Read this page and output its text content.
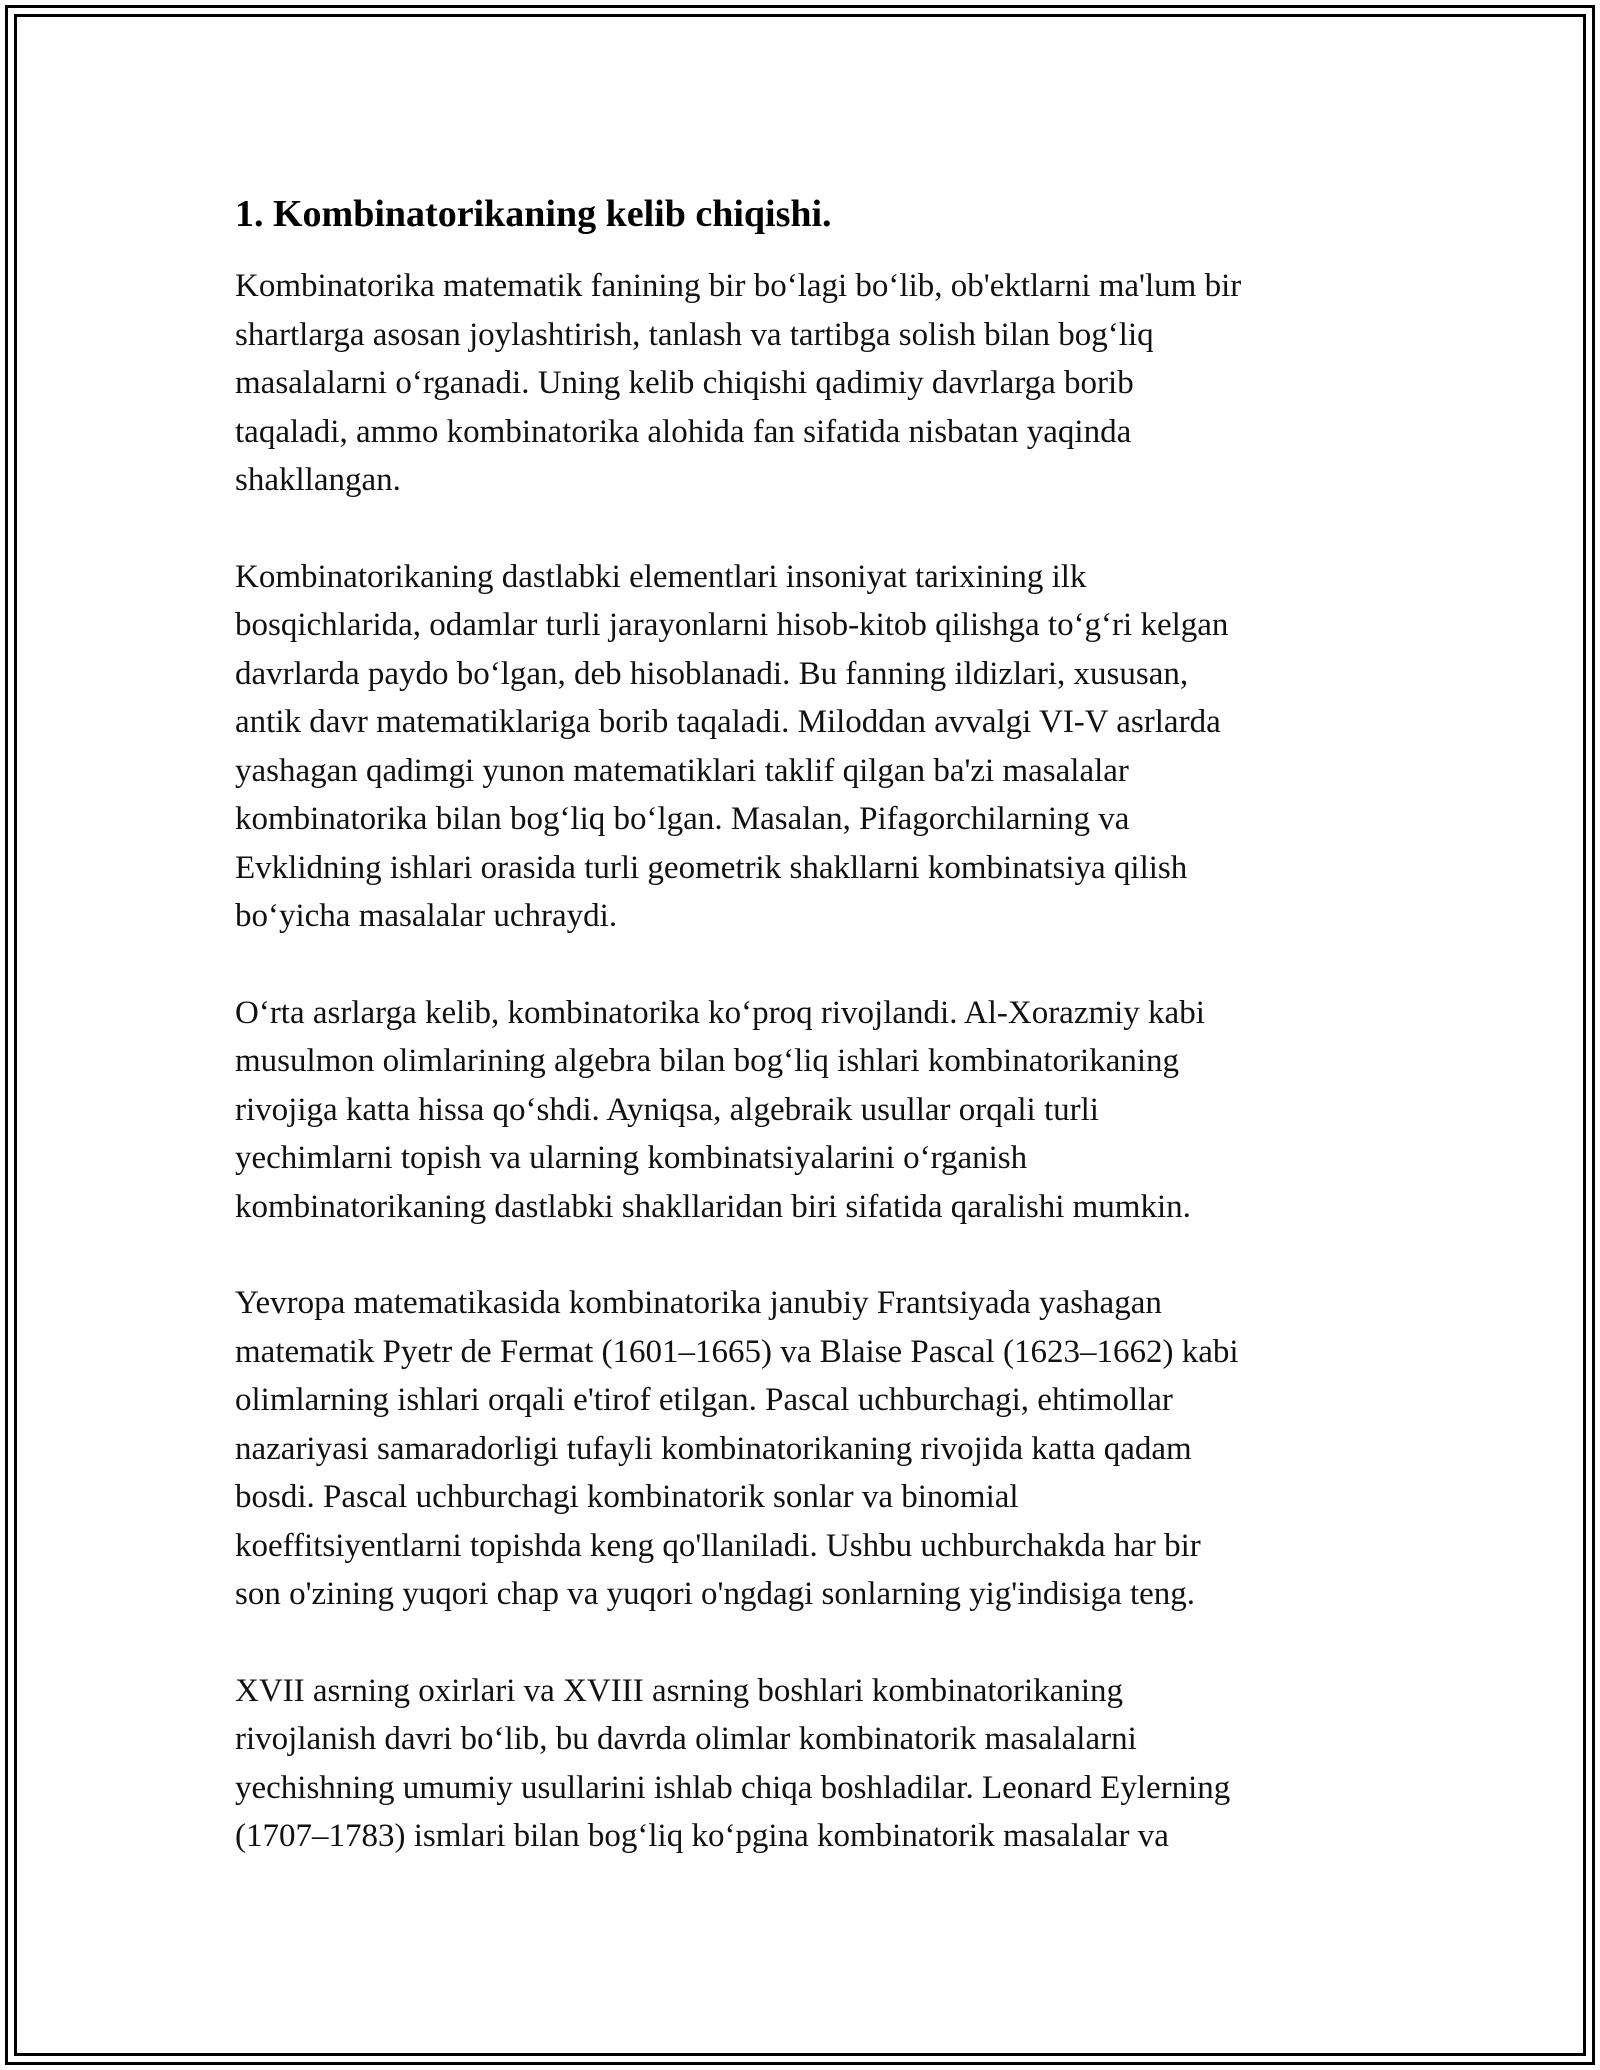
1. Kombinatorikaning kelib chiqishi.

Kombinatorika matematik fanining bir bo‘lagi bo‘lib, ob'ektlarni ma'lum bir
shartlarga asosan joylashtirish, tanlash va tartibga solish bilan bog‘liq
masalalarni o‘rganadi. Uning kelib chiqishi qadimiy davrlarga borib
taqaladi, ammo kombinatorika alohida fan sifatida nisbatan yaqinda
shakllangan.

Kombinatorikaning dastlabki elementlari insoniyat tarixining ilk
bosqichlarida, odamlar turli jarayonlarni hisob-kitob qilishga to‘g‘ri kelgan
davrlarda paydo bo‘lgan, deb hisoblanadi. Bu fanning ildizlari, xususan,
antik davr matematiklariga borib taqaladi. Miloddan avvalgi VI-V asrlarda
yashagan qadimgi yunon matematiklari taklif qilgan ba'zi masalalar
kombinatorika bilan bog‘liq bo‘lgan. Masalan, Pifagorchilarning va
Evklidning ishlari orasida turli geometrik shakllarni kombinatsiya qilish
bo‘yicha masalalar uchraydi.

O‘rta asrlarga kelib, kombinatorika ko‘proq rivojlandi. Al-Xorazmiy kabi
musulmon olimlarining algebra bilan bog‘liq ishlari kombinatorikaning
rivojiga katta hissa qo‘shdi. Ayniqsa, algebraik usullar orqali turli
yechimlarni topish va ularning kombinatsiyalarini o‘rganish
kombinatorikaning dastlabki shakllaridan biri sifatida qaralishi mumkin.

Yevropa matematikasida kombinatorika janubiy Frantsiyada yashagan
matematik Pyetr de Fermat (1601–1665) va Blaise Pascal (1623–1662) kabi
olimlarning ishlari orqali e'tirof etilgan. Pascal uchburchagi, ehtimollar
nazariyasi samaradorligi tufayli kombinatorikaning rivojida katta qadam
bosdi. Pascal uchburchagi kombinatorik sonlar va binomial
koeffitsiyentlarni topishda keng qo'llaniladi. Ushbu uchburchakda har bir
son o'zining yuqori chap va yuqori o'ngdagi sonlarning yig'indisiga teng.

XVII asrning oxirlari va XVIII asrning boshlari kombinatorikaning
rivojlanish davri bo‘lib, bu davrda olimlar kombinatorik masalalarni
yechishning umumiy usullarini ishlab chiqa boshladilar. Leonard Eylerning
(1707–1783) ismlari bilan bog‘liq ko‘pgina kombinatorik masalalar va
